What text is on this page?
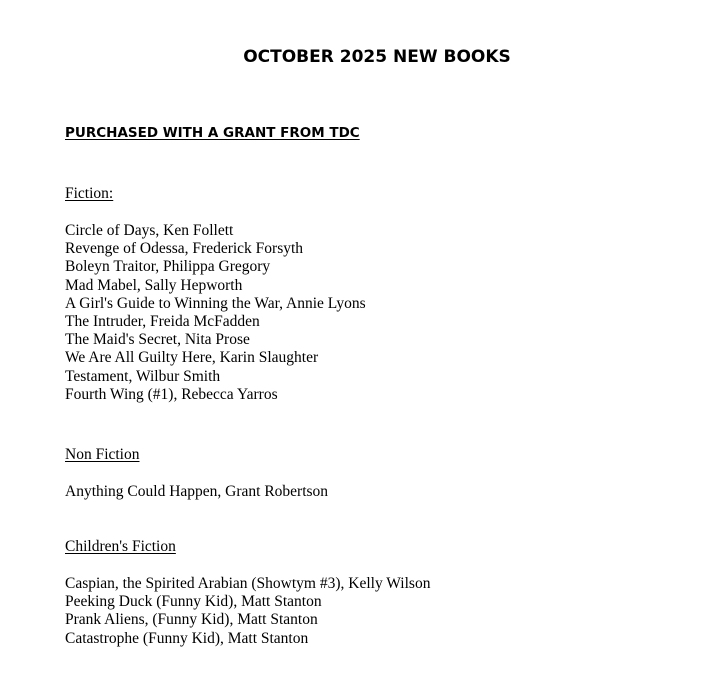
OCTOBER 2025 NEW BOOKS
PURCHASED WITH A GRANT FROM TDC
Fiction:
Circle of Days, Ken Follett
Revenge of Odessa, Frederick Forsyth
Boleyn Traitor, Philippa Gregory
Mad Mabel, Sally Hepworth
A Girl's Guide to Winning the War, Annie Lyons
The Intruder, Freida McFadden
The Maid's Secret, Nita Prose
We Are All Guilty Here, Karin Slaughter
Testament, Wilbur Smith
Fourth Wing (#1), Rebecca Yarros
Non Fiction
Anything Could Happen, Grant Robertson
Children's Fiction
Caspian, the Spirited Arabian (Showtym #3), Kelly Wilson
Peeking Duck (Funny Kid), Matt Stanton
Prank Aliens, (Funny Kid), Matt Stanton
Catastrophe (Funny Kid), Matt Stanton
